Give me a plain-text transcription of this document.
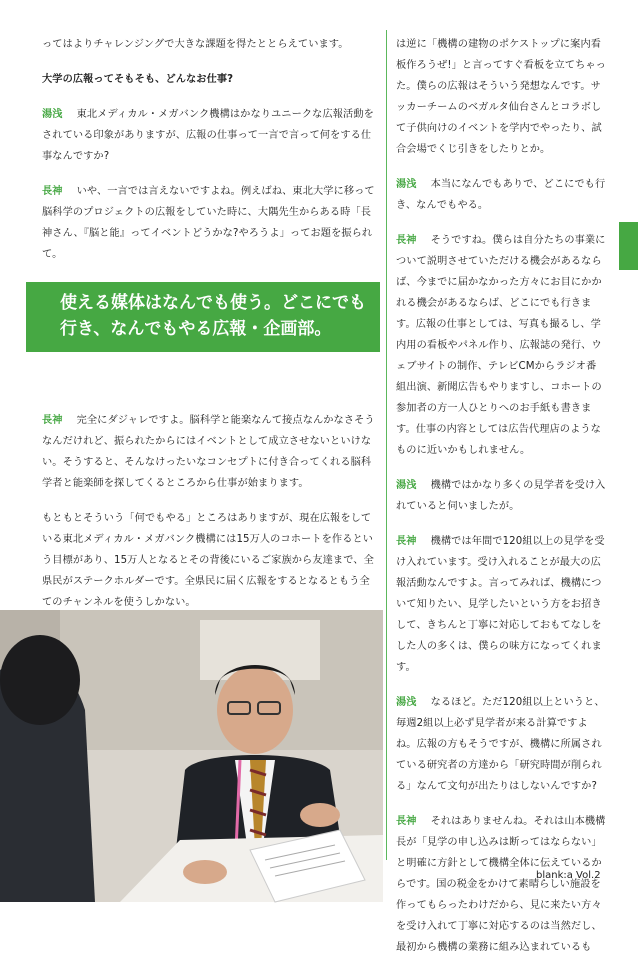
ってはよりチャレンジングで大きな課題を得たととらえています。

大学の広報ってそもそも、どんなお仕事?

湯浅 東北メディカル・メガバンク機構はかなりユニークな広報活動をされている印象がありますが、広報の仕事って一言で言って何をする仕事なんですか?

長神 いや、一言では言えないですよね。例えばね、東北大学に移って脳科学のプロジェクトの広報をしていた時に、大隅先生からある時「長神さん、『脳と能』ってイベントどうかな?やろうよ」ってお題を振られて。

長神 完全にダジャレですよ。脳科学と能楽なんて接点なんかなさそうなんだけれど、振られたからにはイベントとして成立させないといけない。そうすると、そんなけったいなコンセプトに付き合ってくれる脳科学者と能楽師を探してくるところから仕事が始まります。

もともとそういう「何でもやる」ところはありますが、現在広報をしている東北メディカル・メガバンク機構には15万人のコホートを作るという目標があり、15万人となるとその背後にいるご家族から友達まで、全県民がステークホルダーです。全県民に届く広報をするとなるともう全てのチャンネルを使うしかない。

使える媒体はなんでも使う。どこにでも
行き、なんでもやる広報・企画部。

は逆に「機構の建物のポケストップに案内看板作ろうぜ!」と言ってすぐ看板を立てちゃった。僕らの広報はそういう発想なんです。サッカーチームのベガルタ仙台さんとコラボして子供向けのイベントを学内でやったり、試合会場でくじ引きをしたりとか。

湯浅 本当になんでもありで、どこにでも行き、なんでもやる。

長神 そうですね。僕らは自分たちの事業について説明させていただける機会があるならば、今までに届かなかった方々にお目にかかれる機会があるならば、どこにでも行きます。広報の仕事としては、写真も撮るし、学内用の看板やパネル作り、広報誌の発行、ウェブサイトの制作、テレビCMからラジオ番組出演、新聞広告もやりますし、コホートの参加者の方一人ひとりへのお手紙も書きます。仕事の内容としては広告代理店のようなものに近いかもしれません。

湯浅 機構ではかなり多くの見学者を受け入れていると伺いましたが。

長神 機構では年間で120組以上の見学を受け入れています。受け入れることが最大の広報活動なんですよ。言ってみれば、機構について知りたい、見学したいという方をお招きして、きちんと丁寧に対応しておもてなしをした人の多くは、僕らの味方になってくれます。

湯浅 なるほど。ただ120組以上というと、毎週2組以上必ず見学者が来る計算ですよね。広報の方もそうですが、機構に所属されている研究者の方達から「研究時間が削られる」なんて文句が出たりはしないんですか?

長神 それはありませんね。それは山本機構長が「見学の申し込みは断ってはならない」と明確に方針として機構全体に伝えているからです。国の税金をかけて素晴らしい施設を作ってもらったわけだから、見に来たい方々を受け入れて丁寧に対応するのは当然だし、最初から機構の業務に組み込まれているも

blank:a Vol.2
